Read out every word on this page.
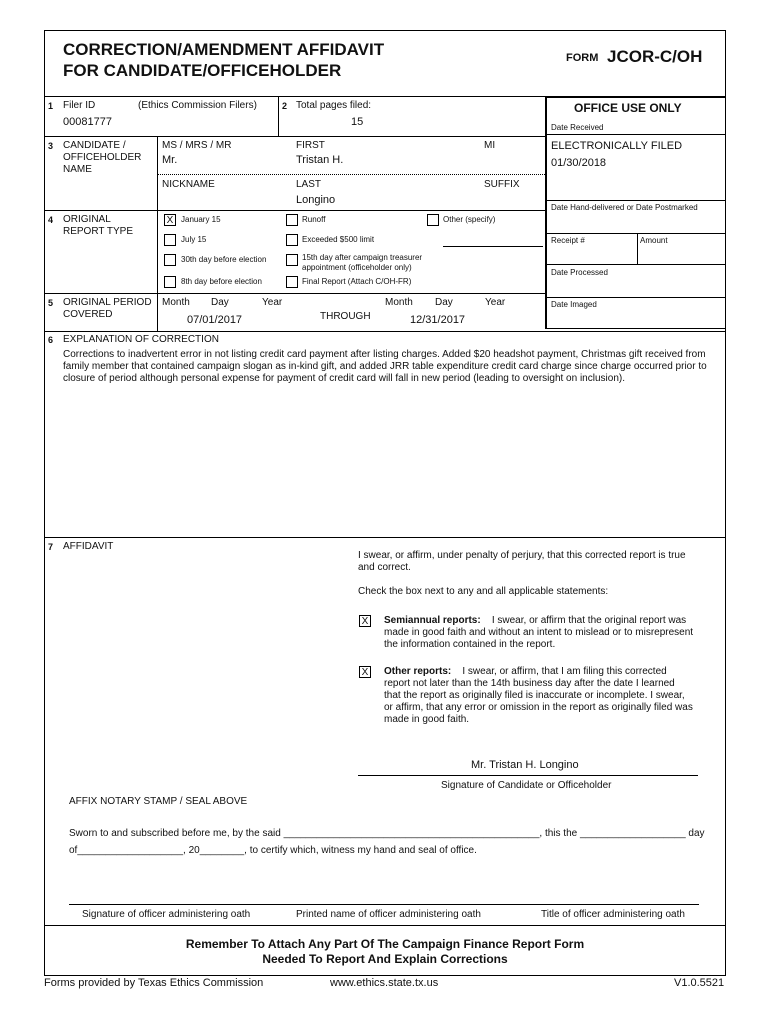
CORRECTION/AMENDMENT AFFIDAVIT
FOR CANDIDATE/OFFICEHOLDER
FORM JCOR-C/OH
1 Filer ID	(Ethics Commission Filers)
00081777
2 Total pages filed:
15
OFFICE USE ONLY
Date Received
ELECTRONICALLY FILED
01/30/2018
Date Hand-delivered or Date Postmarked
Receipt #	Amount
Date Processed
Date Imaged
3 CANDIDATE /
OFFICEHOLDER
NAME
MS / MRS / MR
Mr.
FIRST
Tristan H.
MI
NICKNAME	LAST
Longino
SUFFIX
4 ORIGINAL
REPORT TYPE
X January 15	Runoff	Other (specify)
July 15	Exceeded $500 limit
30th day before election	15th day after campaign treasurer
appointment (officeholder only)
8th day before election	Final Report (Attach C/OH-FR)
5 ORIGINAL PERIOD
COVERED
Month Day	Year
07/01/2017	THROUGH
Month Day	Year
12/31/2017
6 EXPLANATION OF CORRECTION
Corrections to inadvertent error in not listing credit card payment after listing charges. Added $20 headshot payment, Christmas gift received from family member that contained campaign slogan as in-kind gift, and added JRR table expenditure credit card charge since charge occurred prior to closure of period although personal expense for payment of credit card will fall in new period (leading to oversight on inclusion).
7 AFFIDAVIT
I swear, or affirm, under penalty of perjury, that this corrected report is true and correct.
Check the box next to any and all applicable statements:
X Semiannual reports: I swear, or affirm that the original report was made in good faith and without an intent to mislead or to misrepresent the information contained in the report.
X Other reports: I swear, or affirm, that I am filing this corrected report not later than the 14th business day after the date I learned that the report as originally filed is inaccurate or incomplete. I swear, or affirm, that any error or omission in the report as originally filed was made in good faith.
Mr. Tristan H. Longino
Signature of Candidate or Officeholder
AFFIX NOTARY STAMP / SEAL ABOVE
Sworn to and subscribed before me, by the said ______________________________________________, this the ___________________ day
of___________________, 20________, to certify which, witness my hand and seal of office.
Signature of officer administering oath	Printed name of officer administering oath	Title of officer administering oath
Remember To Attach Any Part Of The Campaign Finance Report Form
Needed To Report And Explain Corrections
Forms provided by Texas Ethics Commission	www.ethics.state.tx.us	V1.0.5521
